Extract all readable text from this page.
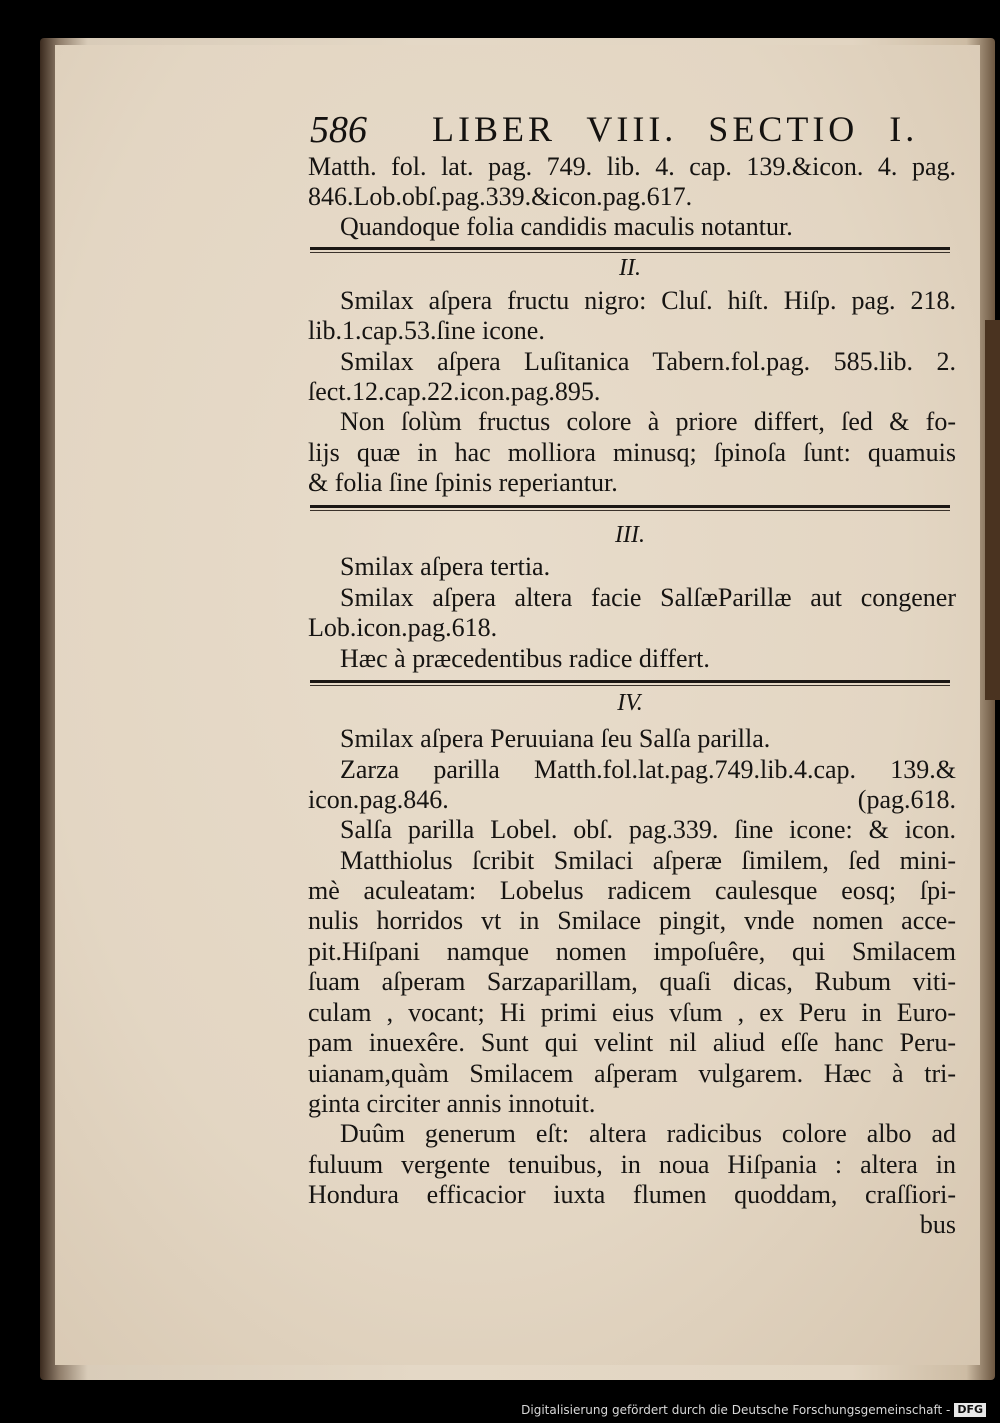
586 LIBER VIII. SECTIO I.
Matth. fol. lat. pag. 749. lib. 4. cap. 139.&icon. 4. pag.
846.Lob.obſ.pag.339.&icon.pag.617.
Quandoque folia candidis maculis notantur.
II.
Smilax aſpera fructu nigro: Cluſ. hiſt. Hiſp. pag. 218.
lib.1.cap.53.ſine icone.
Smilax aſpera Luſitanica Tabern.fol.pag. 585.lib. 2.
ſect.12.cap.22.icon.pag.895.
Non ſolùm fructus colore à priore differt, ſed & fo-
lijs quæ in hac molliora minusq; ſpinoſa ſunt: quamuis
& folia ſine ſpinis reperiantur.
III.
Smilax aſpera tertia.
Smilax aſpera altera facie SalſæParillæ aut congener
Lob.icon.pag.618.
Hæc à præcedentibus radice differt.
IV.
Smilax aſpera Peruuiana ſeu Salſa parilla.
Zarza parilla Matth.fol.lat.pag.749.lib.4.cap. 139.&
icon.pag.846.	(pag.618.
Salſa parilla Lobel. obſ. pag.339. ſine icone: & icon.
Matthiolus ſcribit Smilaci aſperæ ſimilem, ſed mini-
mè aculeatam: Lobelus radicem caulesque eosq; ſpi-
nulis horridos vt in Smilace pingit, vnde nomen acce-
pit.Hiſpani namque nomen impoſuêre, qui Smilacem
ſuam aſperam Sarzaparillam, quaſi dicas, Rubum viti-
culam , vocant; Hi primi eius vſum , ex Peru in Euro-
pam inuexêre. Sunt qui velint nil aliud eſſe hanc Peru-
uianam,quàm Smilacem aſperam vulgarem. Hæc à tri-
ginta circiter annis innotuit.
Duûm generum eſt: altera radicibus colore albo ad
fuluum vergente tenuibus, in noua Hiſpania : altera in
Hondura efficacior iuxta flumen quoddam, craſſiori-
bus
Digitalisierung gefördert durch die Deutsche Forschungsgemeinschaft - DFG
